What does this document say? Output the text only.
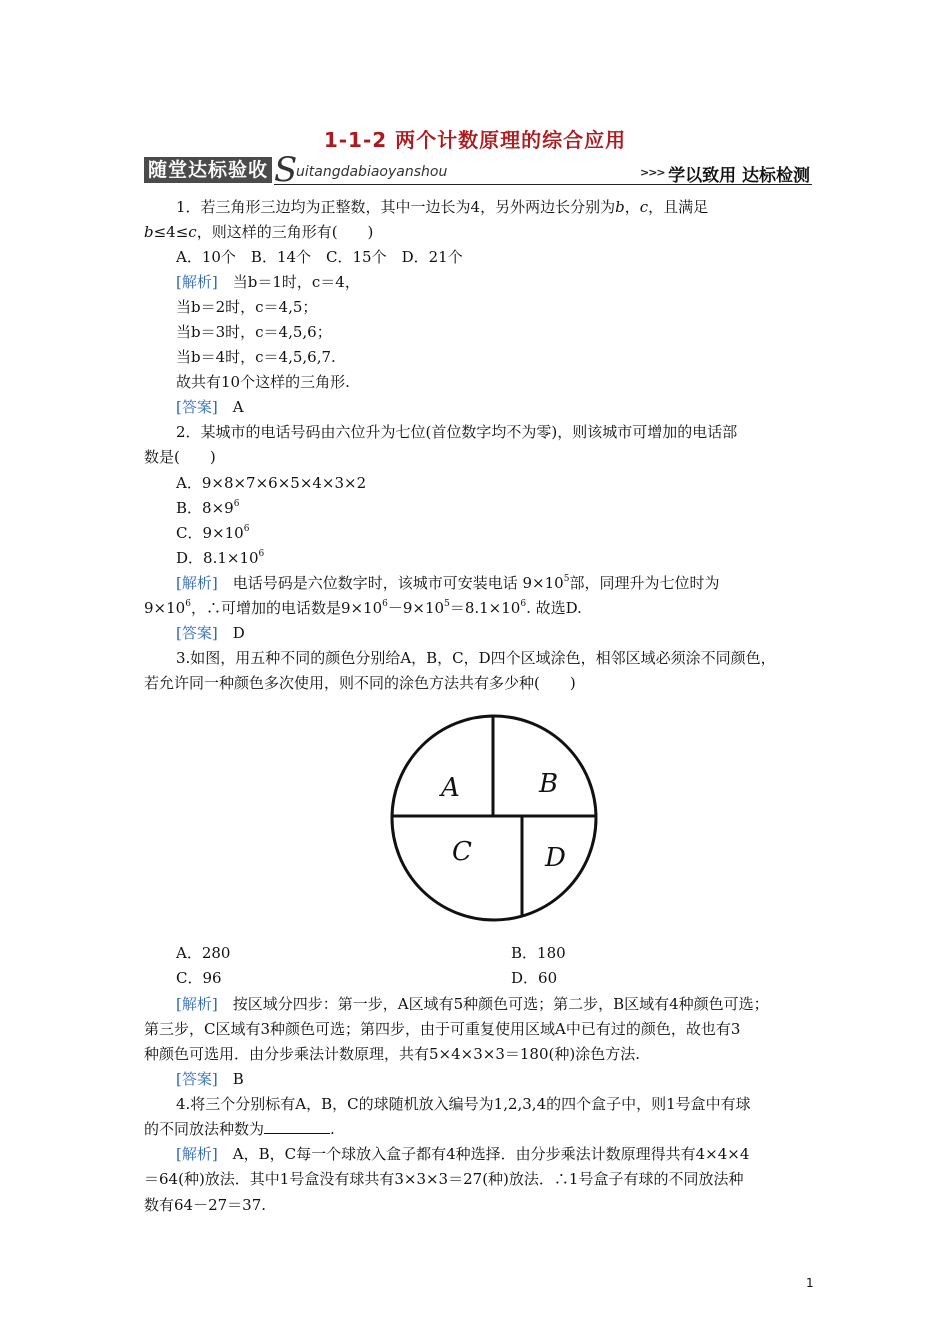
1-1-2 两个计数原理的综合应用
随堂达标验收 S
uitangdabiaoyanshou	>>> 学以致用 达标检测
1．若三角形三边均为正整数，其中一边长为4，另外两边长分别为b，c，且满足
b≤4≤c，则这样的三角形有(　　)
A．10个　B．14个　C．15个　D．21个
[解析]　 当b＝1时，c＝4，
当b＝2时，c＝4,5；
当b＝3时，c＝4,5,6；
当b＝4时，c＝4,5,6,7.
故共有10个这样的三角形.
[答案]　 A
2．某城市的电话号码由六位升为七位(首位数字均不为零)，则该城市可增加的电话部
数是(　　)
A．9×8×7×6×5×4×3×2
B．$8\times 9^6$
C．$9\times 10^6$
D．$8.1\times 10^6$
[解析]　 电话号码是六位数字时，该城市可安装电话 $9\times 10^5$部，同理升为七位时为
$9\times 10^6$，∴可增加的电话数是$9\times 10^6-9\times 10^5=8.1\times 10^6$. 故选D.
[答案]　 D
3.如图，用五种不同的颜色分别给A，B，C，D四个区域涂色，相邻区域必须涂不同颜色，
若允许同一种颜色多次使用，则不同的涂色方法共有多少种(　　)
A	B
C	D
A．280	B．180
C．96	D．60
[解析]　 按区域分四步：第一步，A区域有5种颜色可选；第二步，B区域有4种颜色可选；
第三步，C区域有3种颜色可选；第四步，由于可重复使用区域A中已有过的颜色，故也有3
种颜色可选用．由分步乘法计数原理，共有5×4×3×3＝180(种)涂色方法.
[答案]　 B
4.将三个分别标有A，B，C的球随机放入编号为1,2,3,4的四个盒子中，则1号盒中有球
的不同放法种数为	.
[解析]　 A，B，C每一个球放入盒子都有4种选择．由分步乘法计数原理得共有4×4×4
＝64(种)放法．其中1号盒没有球共有3×3×3＝27(种)放法．∴1号盒子有球的不同放法种
数有64－27＝37.
1
